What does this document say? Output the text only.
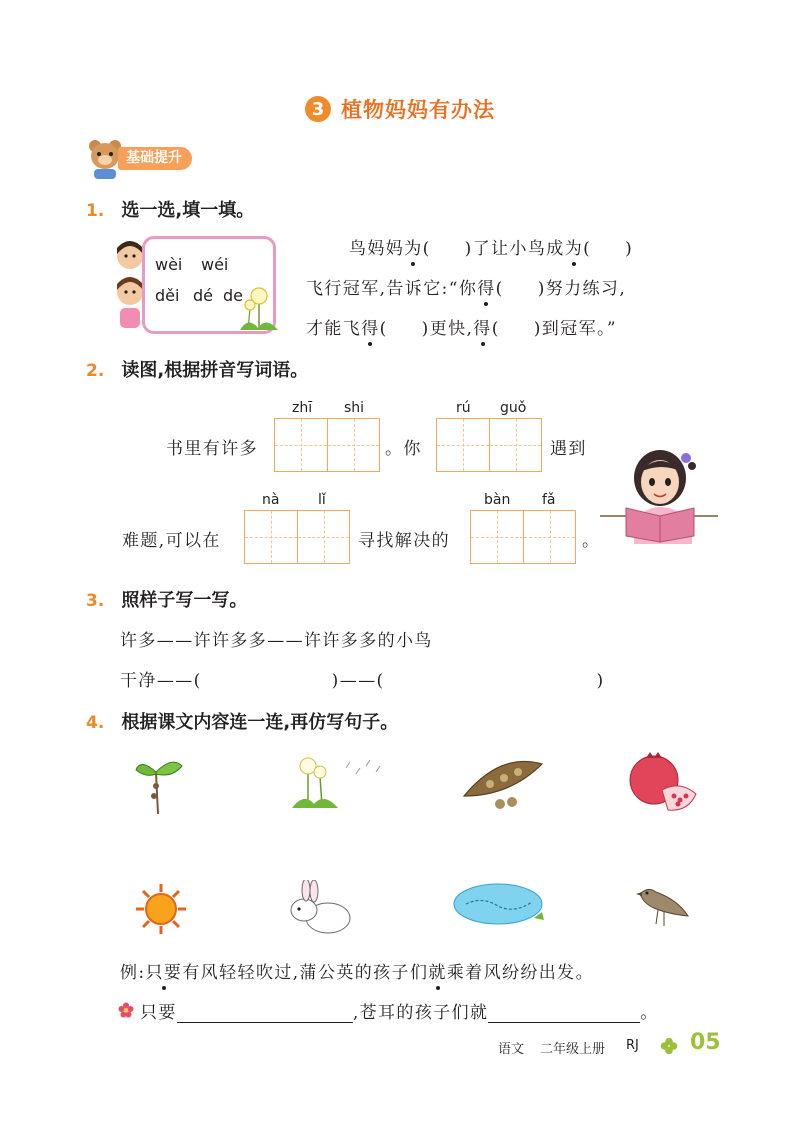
3 植物妈妈有办法
基础提升
1. 选一选,填一填。
wèi wéi
děi dé de
鸟妈妈为( )了让小鸟成为( )
飞行冠军,告诉它:“你得( )努力练习,
才能飞得( )更快,得( )到冠军。”
2. 读图,根据拼音写词语。
zhī shi	rú guǒ
书里有许多	。你	遇到
nà	lǐ	bàn fǎ
难题,可以在	寻找解决的	。
3. 照样子写一写。
许多——许许多多——许许多多的小鸟
干净——(	)——(	)
4. 根据课文内容连一连,再仿写句子。
例:只要有风轻轻吹过,蒲公英的孩子们就乘着风纷纷出发。
只要	,苍耳的孩子们就	。
语文 二年级上册 RJ 05
